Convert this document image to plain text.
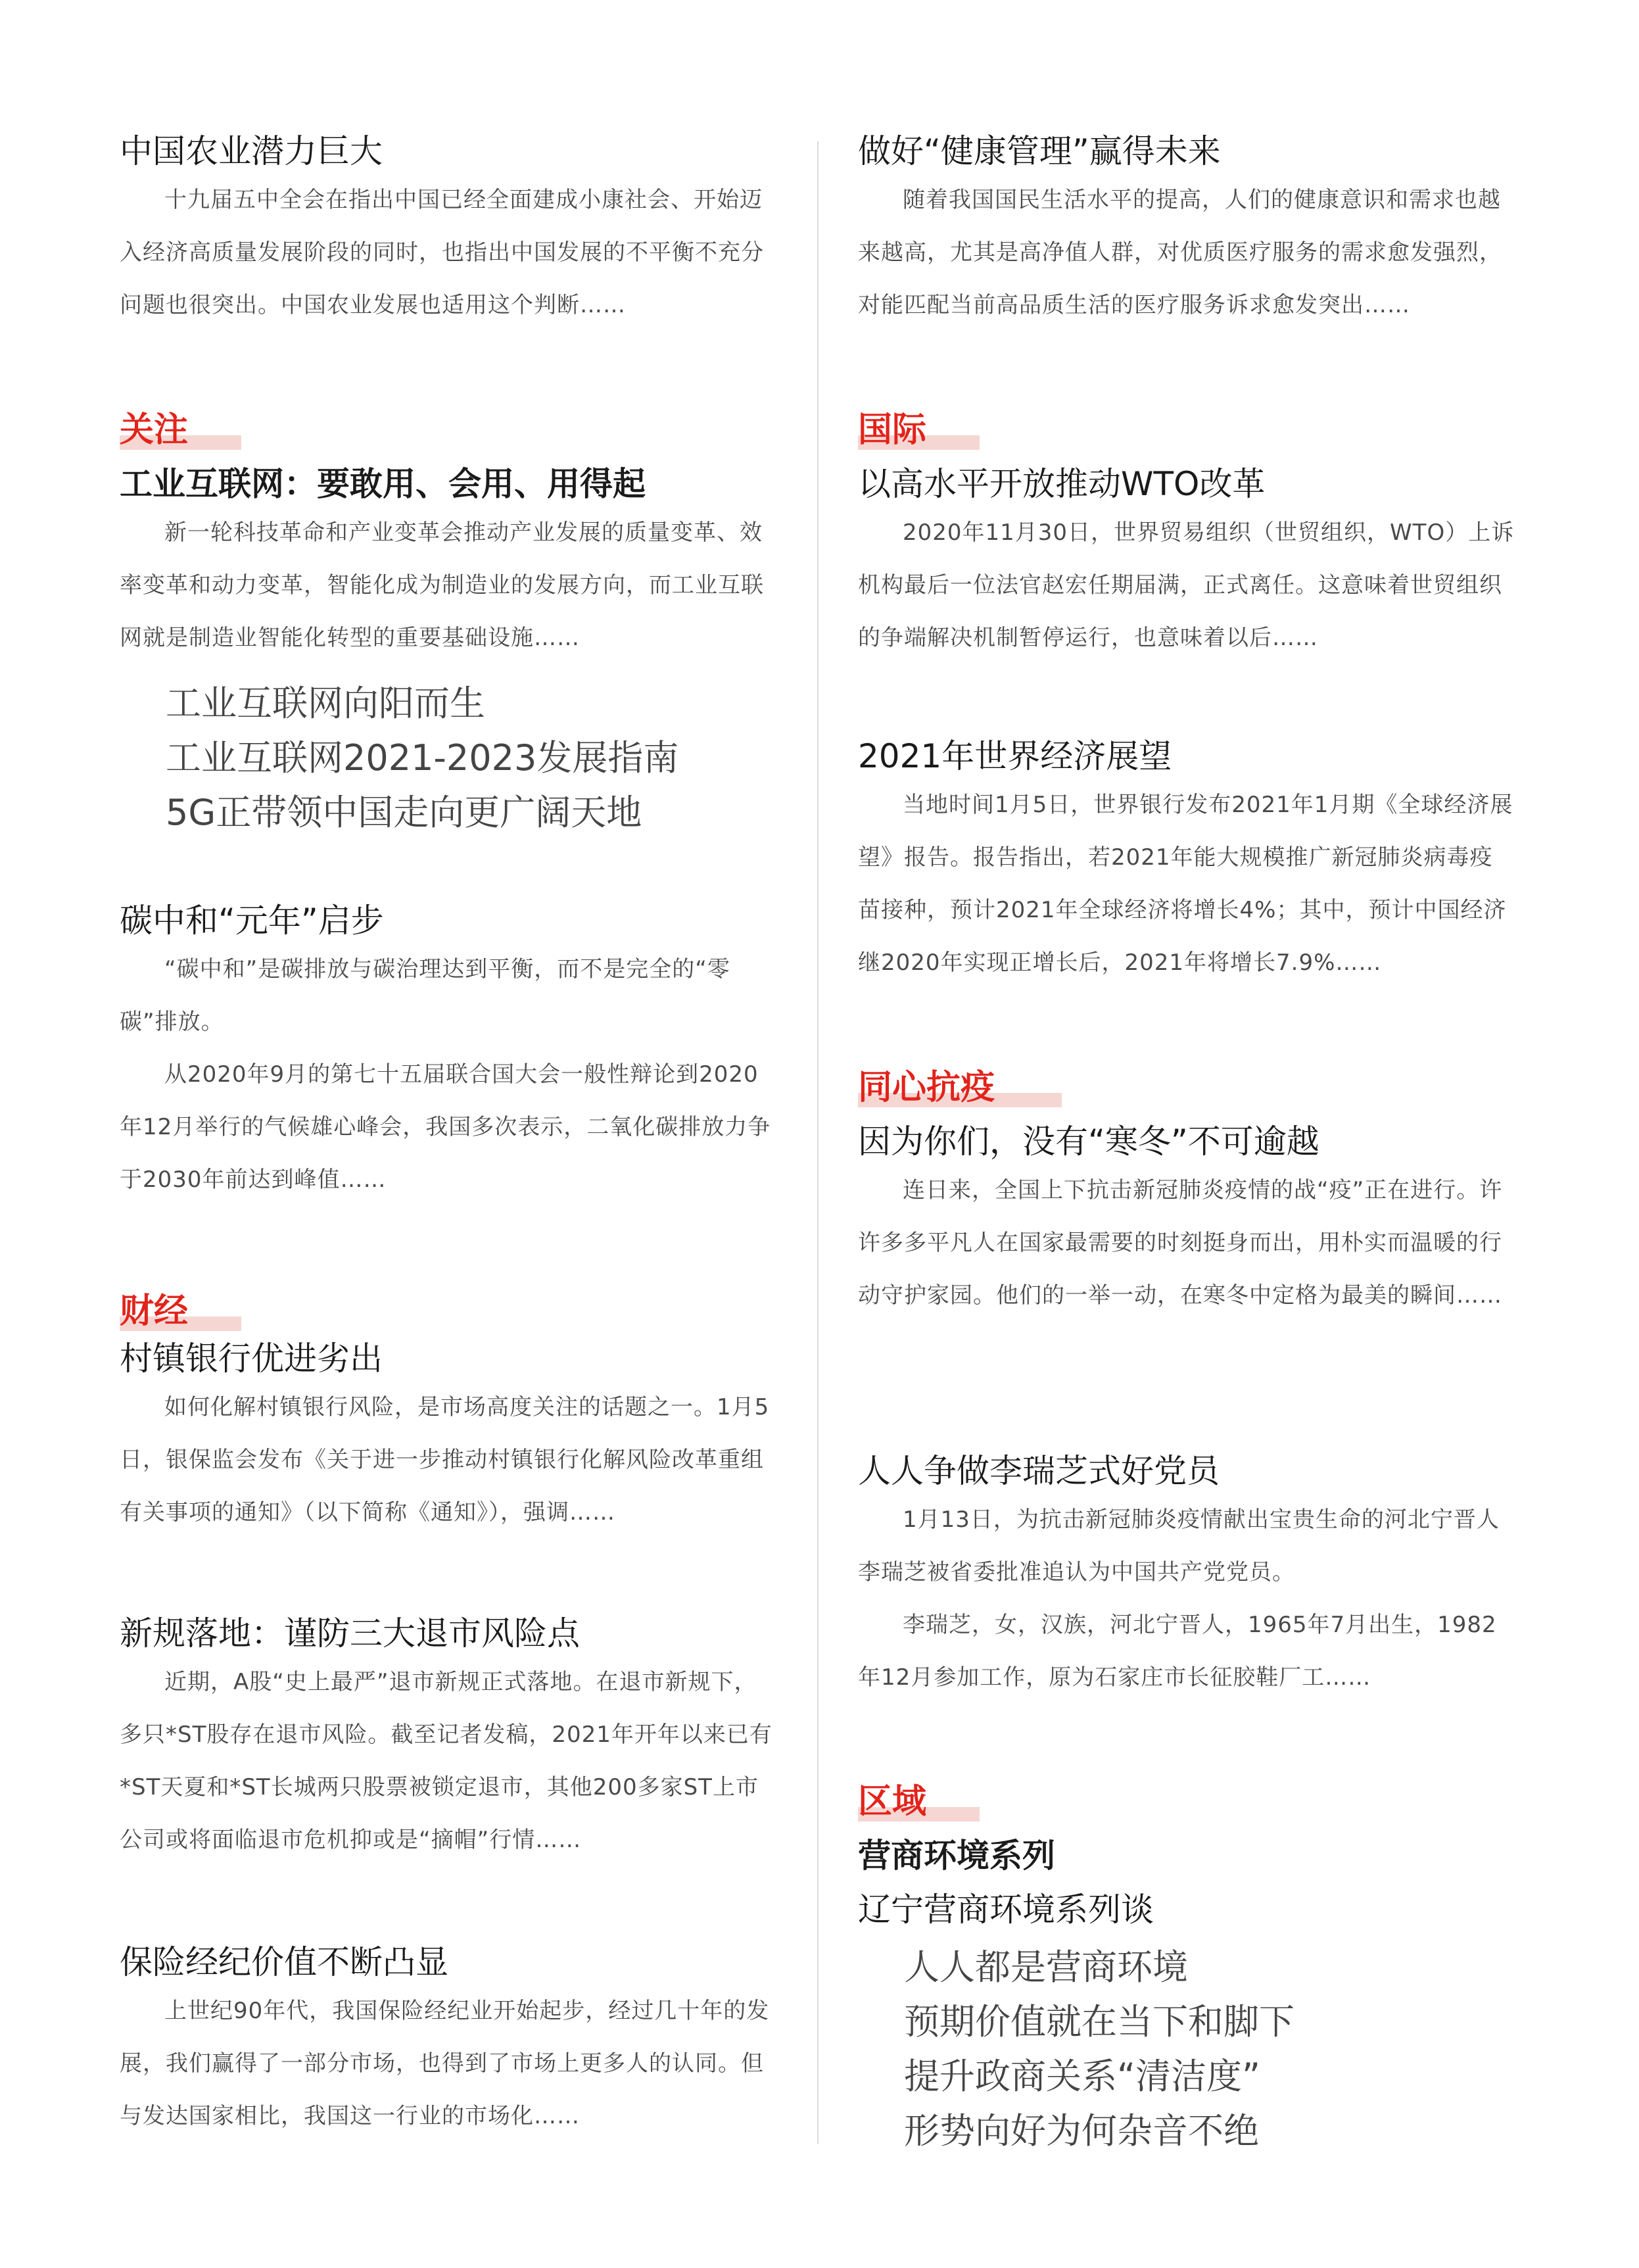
中国农业潜力巨大

十九届五中全会在指出中国已经全面建成小康社会、开始迈入经济高质量发展阶段的同时，也指出中国发展的不平衡不充分问题也很突出。中国农业发展也适用这个判断……

关注
工业互联网：要敢用、会用、用得起

新一轮科技革命和产业变革会推动产业发展的质量变革、效率变革和动力变革，智能化成为制造业的发展方向，而工业互联网就是制造业智能化转型的重要基础设施……

工业互联网向阳而生
工业互联网2021-2023发展指南
5G正带领中国走向更广阔天地
碳中和“元年”启步

“碳中和”是碳排放与碳治理达到平衡，而不是完全的“零碳”排放。

从2020年9月的第七十五届联合国大会一般性辩论到2020年12月举行的气候雄心峰会，我国多次表示，二氧化碳排放力争于2030年前达到峰值……

财经
村镇银行优进劣出

如何化解村镇银行风险，是市场高度关注的话题之一。1月5日，银保监会发布《关于进一步推动村镇银行化解风险改革重组有关事项的通知》（以下简称《通知》），强调……

新规落地：谨防三大退市风险点

近期，A股“史上最严”退市新规正式落地。在退市新规下，多只*ST股存在退市风险。截至记者发稿，2021年开年以来已有*ST天夏和*ST长城两只股票被锁定退市，其他200多家ST上市公司或将面临退市危机抑或是“摘帽”行情……

保险经纪价值不断凸显

上世纪90年代，我国保险经纪业开始起步，经过几十年的发展，我们赢得了一部分市场，也得到了市场上更多人的认同。但与发达国家相比，我国这一行业的市场化……

做好“健康管理”赢得未来

随着我国国民生活水平的提高，人们的健康意识和需求也越来越高，尤其是高净值人群，对优质医疗服务的需求愈发强烈，对能匹配当前高品质生活的医疗服务诉求愈发突出……

国际
以高水平开放推动WTO改革

2020年11月30日，世界贸易组织（世贸组织，WTO）上诉机构最后一位法官赵宏任期届满，正式离任。这意味着世贸组织的争端解决机制暂停运行，也意味着以后……

2021年世界经济展望

当地时间1月5日，世界银行发布2021年1月期《全球经济展望》报告。报告指出，若2021年能大规模推广新冠肺炎病毒疫苗接种，预计2021年全球经济将增长4%；其中，预计中国经济继2020年实现正增长后，2021年将增长7.9%……

同心抗疫
因为你们，没有“寒冬”不可逾越

连日来，全国上下抗击新冠肺炎疫情的战“疫”正在进行。许许多多平凡人在国家最需要的时刻挺身而出，用朴实而温暖的行动守护家园。他们的一举一动，在寒冬中定格为最美的瞬间……

人人争做李瑞芝式好党员

1月13日，为抗击新冠肺炎疫情献出宝贵生命的河北宁晋人李瑞芝被省委批准追认为中国共产党党员。

李瑞芝，女，汉族，河北宁晋人，1965年7月出生，1982年12月参加工作，原为石家庄市长征胶鞋厂工……

区域
营商环境系列
辽宁营商环境系列谈
人人都是营商环境
预期价值就在当下和脚下
提升政商关系“清洁度”
形势向好为何杂音不绝
